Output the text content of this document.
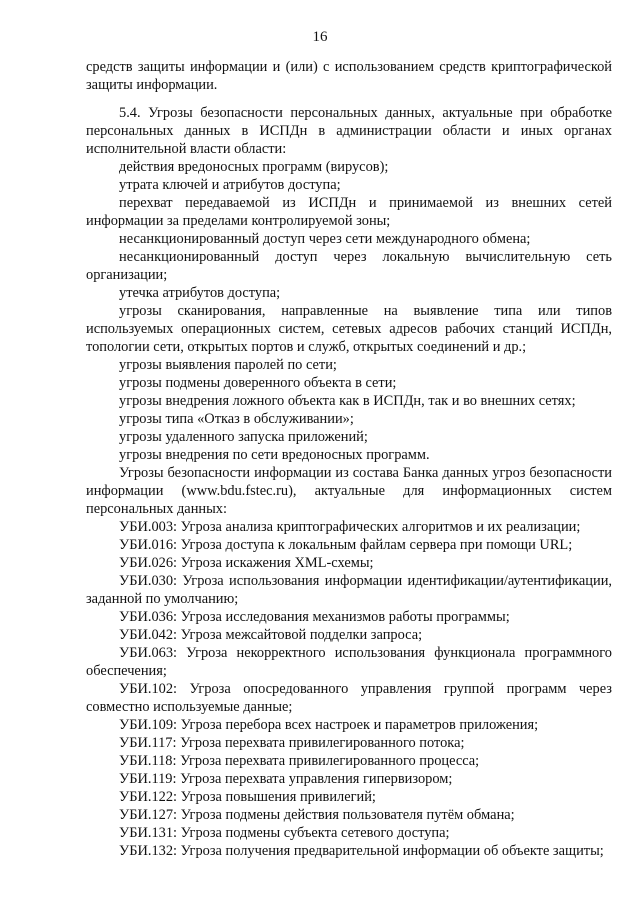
16

средств защиты информации и (или) с использованием средств криптографической защиты информации.

5.4. Угрозы безопасности персональных данных, актуальные при обработке персональных данных в ИСПДн в администрации области и иных органах исполнительной власти области:

действия вредоносных программ (вирусов);

утрата ключей и атрибутов доступа;

перехват передаваемой из ИСПДн и принимаемой из внешних сетей информации за пределами контролируемой зоны;

несанкционированный доступ через сети международного обмена;

несанкционированный доступ через локальную вычислительную сеть организации;

утечка атрибутов доступа;

угрозы сканирования, направленные на выявление типа или типов используемых операционных систем, сетевых адресов рабочих станций ИСПДн, топологии сети, открытых портов и служб, открытых соединений и др.;

угрозы выявления паролей по сети;

угрозы подмены доверенного объекта в сети;

угрозы внедрения ложного объекта как в ИСПДн, так и во внешних сетях;

угрозы типа «Отказ в обслуживании»;

угрозы удаленного запуска приложений;

угрозы внедрения по сети вредоносных программ.

Угрозы безопасности информации из состава Банка данных угроз безопасности информации (www.bdu.fstec.ru), актуальные для информационных систем персональных данных:

УБИ.003: Угроза анализа криптографических алгоритмов и их реализации;

УБИ.016: Угроза доступа к локальным файлам сервера при помощи URL;

УБИ.026: Угроза искажения XML-схемы;

УБИ.030: Угроза использования информации идентификации/аутентификации, заданной по умолчанию;

УБИ.036: Угроза исследования механизмов работы программы;

УБИ.042: Угроза межсайтовой подделки запроса;

УБИ.063: Угроза некорректного использования функционала программного обеспечения;

УБИ.102: Угроза опосредованного управления группой программ через совместно используемые данные;

УБИ.109: Угроза перебора всех настроек и параметров приложения;

УБИ.117: Угроза перехвата привилегированного потока;

УБИ.118: Угроза перехвата привилегированного процесса;

УБИ.119: Угроза перехвата управления гипервизором;

УБИ.122: Угроза повышения привилегий;

УБИ.127: Угроза подмены действия пользователя путём обмана;

УБИ.131: Угроза подмены субъекта сетевого доступа;

УБИ.132: Угроза получения предварительной информации об объекте защиты;
